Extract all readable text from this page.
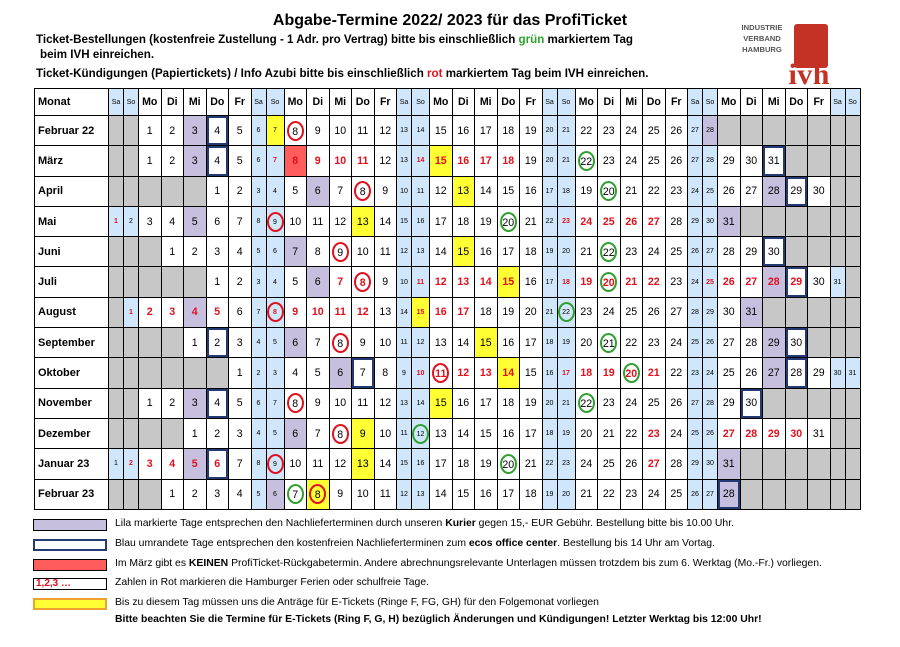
Abgabe-Termine 2022/ 2023 für das ProfiTicket
Ticket-Bestellungen (kostenfreie Zustellung - 1 Adr. pro Vertrag) bitte bis einschließlich grün markiertem Tag
beim IVH einreichen.
Ticket-Kündigungen (Papiertickets) / Info Azubi bitte bis einschließlich rot markiertem Tag beim IVH einreichen.
INDUSTRIE
VERBAND
HAMBURG
ivh
Monat	Sa	So	Mo	Di	Mi	Do	Fr	Sa	So	Mo	Di	Mi	Do	Fr	Sa	So	Mo	Di	Mi	Do	Fr	Sa	So	Mo	Di	Mi	Do	Fr	Sa	So	Mo	Di	Mi	Do	Fr	Sa	So
Februar 22			1	2	3	4	5	6	7	8	9	10	11	12	13	14	15	16	17	18	19	20	21	22	23	24	25	26	27	28							
März			1	2	3	4	5	6	7	8	9	10	11	12	13	14	15	16	17	18	19	20	21	22	23	24	25	26	27	28	29	30	31				
April						1	2	3	4	5	6	7	8	9	10	11	12	13	14	15	16	17	18	19	20	21	22	23	24	25	26	27	28	29	30		
Mai	1	2	3	4	5	6	7	8	9	10	11	12	13	14	15	16	17	18	19	20	21	22	23	24	25	26	27	28	29	30	31						
Juni				1	2	3	4	5	6	7	8	9	10	11	12	13	14	15	16	17	18	19	20	21	22	23	24	25	26	27	28	29	30				
Juli						1	2	3	4	5	6	7	8	9	10	11	12	13	14	15	16	17	18	19	20	21	22	23	24	25	26	27	28	29	30	31	
August		1	2	3	4	5	6	7	8	9	10	11	12	13	14	15	16	17	18	19	20	21	22	23	24	25	26	27	28	29	30	31					
September					1	2	3	4	5	6	7	8	9	10	11	12	13	14	15	16	17	18	19	20	21	22	23	24	25	26	27	28	29	30			
Oktober							1	2	3	4	5	6	7	8	9	10	11	12	13	14	15	16	17	18	19	20	21	22	23	24	25	26	27	28	29	30	31
November			1	2	3	4	5	6	7	8	9	10	11	12	13	14	15	16	17	18	19	20	21	22	23	24	25	26	27	28	29	30					
Dezember					1	2	3	4	5	6	7	8	9	10	11	12	13	14	15	16	17	18	19	20	21	22	23	24	25	26	27	28	29	30	31		
Januar 23	1	2	3	4	5	6	7	8	9	10	11	12	13	14	15	16	17	18	19	20	21	22	23	24	25	26	27	28	29	30	31						
Februar 23				1	2	3	4	5	6	7	8	9	10	11	12	13	14	15	16	17	18	19	20	21	22	23	24	25	26	27	28						
Lila markierte Tage entsprechen den Nachlieferterminen durch unseren Kurier gegen 15,- EUR Gebühr. Bestellung bitte bis 10.00 Uhr.
Blau umrandete Tage entsprechen den kostenfreien Nachlieferterminen zum ecos office center. Bestellung bis 14 Uhr am Vortag.
Im März gibt es KEINEN ProfiTicket-Rückgabetermin. Andere abrechnungsrelevante Unterlagen müssen trotzdem bis zum 6. Werktag (Mo.-Fr.) vorliegen.
1,2,3 …	Zahlen in Rot markieren die Hamburger Ferien oder schulfreie Tage.
Bis zu diesem Tag müssen uns die Anträge für E-Tickets (Ringe F, FG, GH) für den Folgemonat vorliegen
Bitte beachten Sie die Termine für E-Tickets (Ring F, G, H) bezüglich Änderungen und Kündigungen! Letzter Werktag bis 12:00 Uhr!
